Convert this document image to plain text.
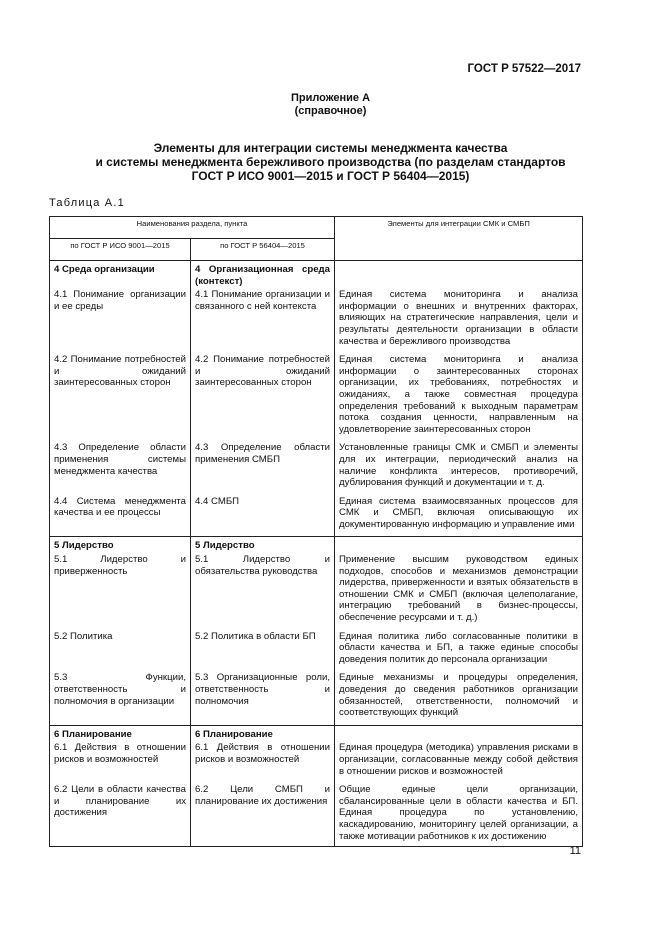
ГОСТ Р 57522—2017
Приложение А
(справочное)
Элементы для интеграции системы менеджмента качества
и системы менеджмента бережливого производства (по разделам стандартов
ГОСТ Р ИСО 9001—2015 и ГОСТ Р 56404—2015)
Таблица А.1
Наименования раздела, пункта		Элементы для интеграции СМК и СМБП
по ГОСТ Р ИСО 9001—2015	по ГОСТ Р 56404—2015	
4 Среда организации	4 Организационная среда (контекст)	
4.1 Понимание организации и ее среды	4.1 Понимание организации и связанного с ней контекста	Единая система мониторинга и анализа информации о внешних и внутренних факторах, влияющих на стратегические направления, цели и результаты деятельности организации в области качества и бережливого производства
4.2 Понимание потребностей и ожиданий заинтересованных сторон	4.2 Понимание потребностей и ожиданий заинтересованных сторон	Единая система мониторинга и анализа информации о заинтересованных сторонах организации, их требованиях, потребностях и ожиданиях, а также совместная процедура определения требований к выходным параметрам потока создания ценности, направленным на удовлетворение заинтересованных сторон
4.3 Определение области применения системы менеджмента качества	4.3 Определение области применения СМБП	Установленные границы СМК и СМБП и элементы для их интеграции, периодический анализ на наличие конфликта интересов, противоречий, дублирования функций и документации и т. д.
4.4 Система менеджмента качества и ее процессы	4.4 СМБП	Единая система взаимосвязанных процессов для СМК и СМБП, включая описывающую их документированную информацию и управление ими
5 Лидерство	5 Лидерство	
5.1 Лидерство и приверженность	5.1 Лидерство и обязательства руководства	Применение высшим руководством единых подходов, способов и механизмов демонстрации лидерства, приверженности и взятых обязательств в отношении СМК и СМБП (включая целеполагание, интеграцию требований в бизнес-процессы, обеспечение ресурсами и т. д.)
5.2 Политика	5.2 Политика в области БП	Единая политика либо согласованные политики в области качества и БП, а также единые способы доведения политик до персонала организации
5.3 Функции, ответственность и полномочия в организации	5.3 Организационные роли, ответственность и полномочия	Единые механизмы и процедуры определения, доведения до сведения работников организации обязанностей, ответственности, полномочий и соответствующих функций
6 Планирование	6 Планирование	
6.1 Действия в отношении рисков и возможностей	6.1 Действия в отношении рисков и возможностей	Единая процедура (методика) управления рисками в организации, согласованные между собой действия в отношении рисков и возможностей
6.2 Цели в области качества и планирование их достижения	6.2 Цели СМБП и планирование их достижения	Общие единые цели организации, сбалансированные цели в области качества и БП. Единая процедура по установлению, каскадированию, мониторингу целей организации, а также мотивации работников к их достижению
11
